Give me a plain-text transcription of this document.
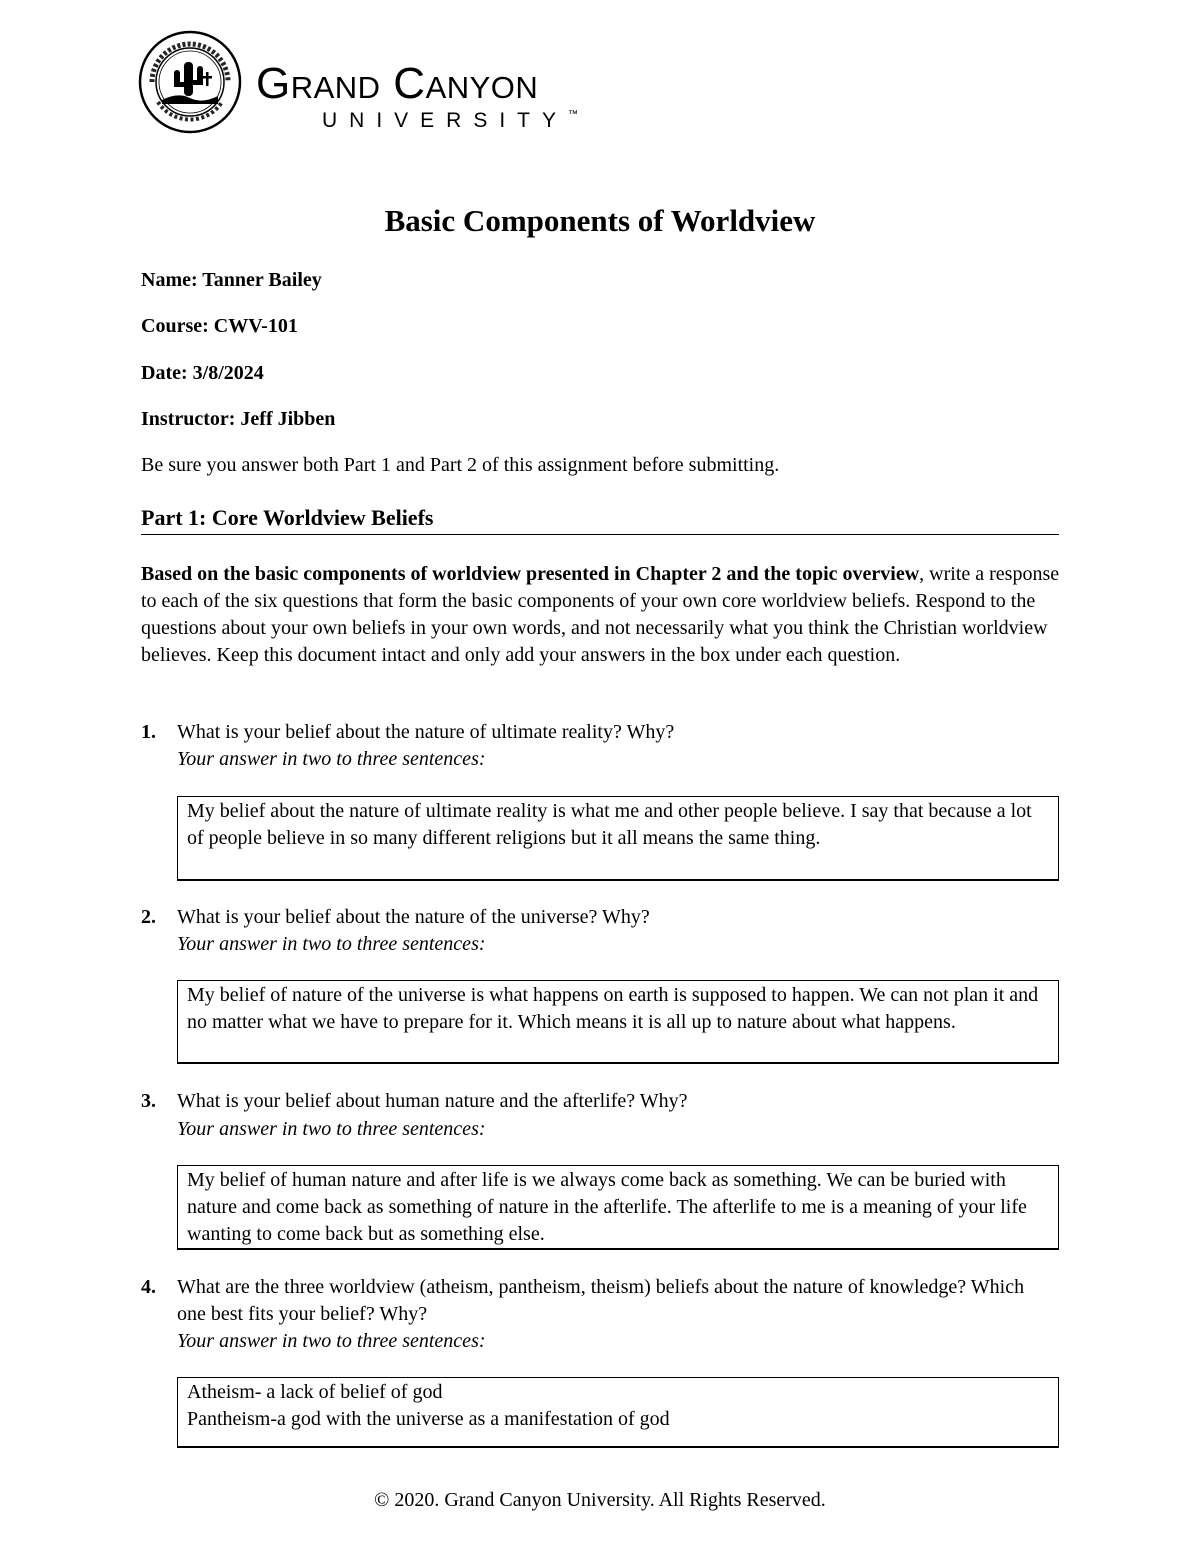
Grand Canyon
UNIVERSITY™
Basic Components of Worldview
Name: Tanner Bailey
Course: CWV-101
Date: 3/8/2024
Instructor: Jeff Jibben
Be sure you answer both Part 1 and Part 2 of this assignment before submitting.
Part 1: Core Worldview Beliefs
Based on the basic components of worldview presented in Chapter 2 and the topic overview, write a response to each of the six questions that form the basic components of your own core worldview beliefs. Respond to the questions about your own beliefs in your own words, and not necessarily what you think the Christian worldview believes. Keep this document intact and only add your answers in the box under each question.
1. What is your belief about the nature of ultimate reality? Why?
Your answer in two to three sentences:
My belief about the nature of ultimate reality is what me and other people believe. I say that because a lot of people believe in so many different religions but it all means the same thing.
2. What is your belief about the nature of the universe? Why?
Your answer in two to three sentences:
My belief of nature of the universe is what happens on earth is supposed to happen. We can not plan it and no matter what we have to prepare for it. Which means it is all up to nature about what happens.
3. What is your belief about human nature and the afterlife? Why?
Your answer in two to three sentences:
My belief of human nature and after life is we always come back as something. We can be buried with nature and come back as something of nature in the afterlife. The afterlife to me is a meaning of your life wanting to come back but as something else.
4. What are the three worldview (atheism, pantheism, theism) beliefs about the nature of knowledge? Which one best fits your belief? Why?
Your answer in two to three sentences:
Atheism- a lack of belief of god
Pantheism-a god with the universe as a manifestation of god
© 2020. Grand Canyon University. All Rights Reserved.
